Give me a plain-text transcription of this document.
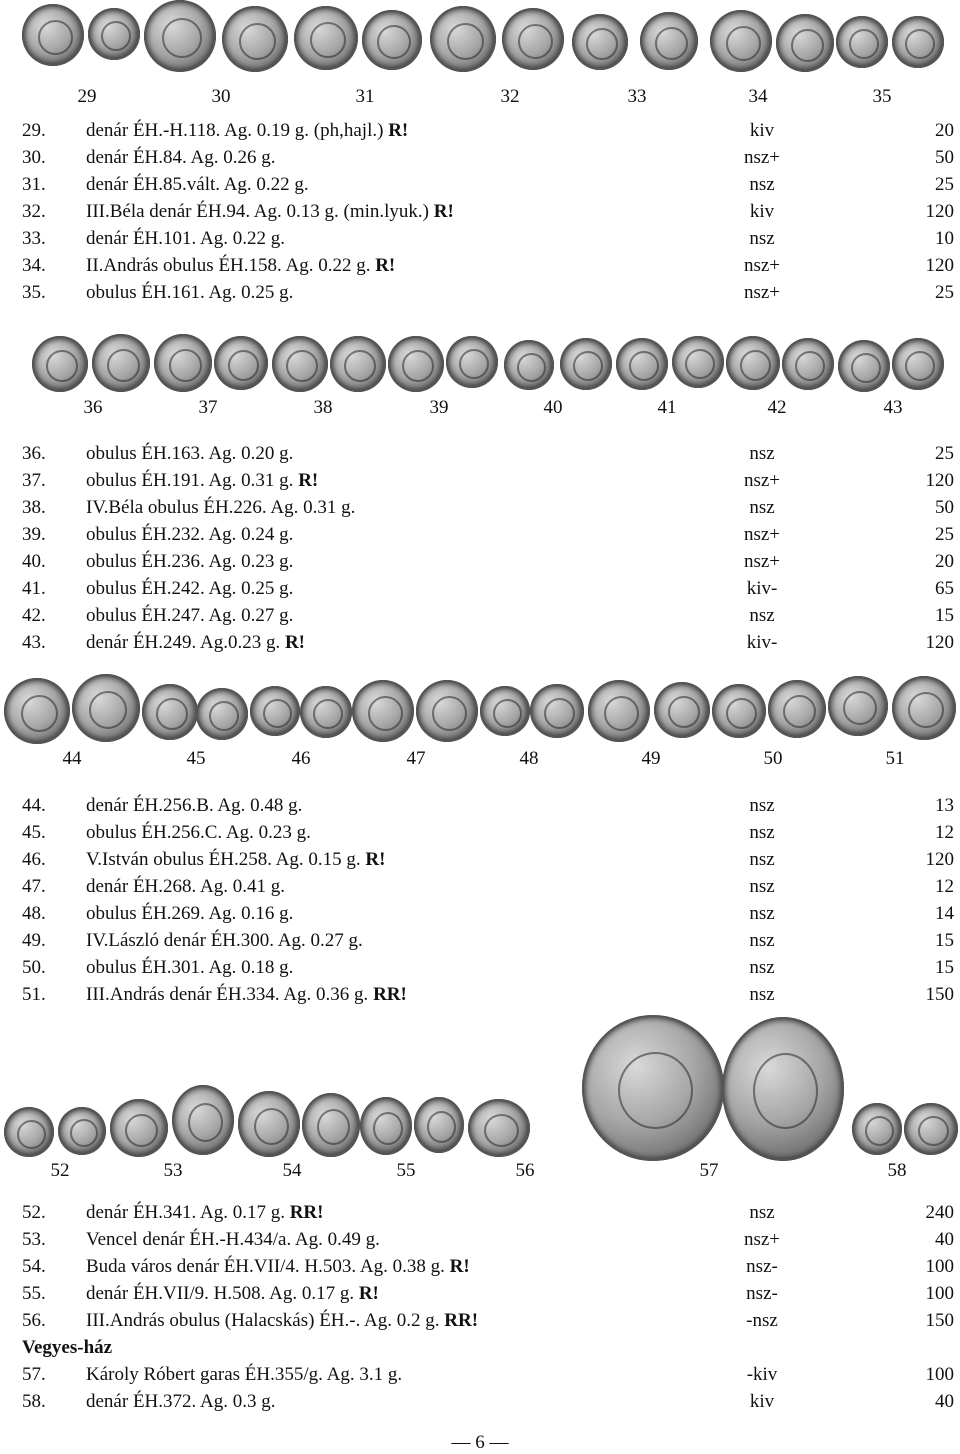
29	30	31	32	33	34	35
29. denár ÉH.-H.118. Ag. 0.19 g. (ph,hajl.) R!	kiv	20
30. denár ÉH.84. Ag. 0.26 g.	nsz+	50
31. denár ÉH.85.vált. Ag. 0.22 g.	nsz	25
32. III.Béla denár ÉH.94. Ag. 0.13 g. (min.lyuk.) R!	kiv	120
33. denár ÉH.101. Ag. 0.22 g.	nsz	10
34. II.András obulus ÉH.158. Ag. 0.22 g. R!	nsz+	120
35. obulus ÉH.161. Ag. 0.25 g.	nsz+	25
36	37	38	39	40	41	42	43
36. obulus ÉH.163. Ag. 0.20 g.	nsz	25
37. obulus ÉH.191. Ag. 0.31 g. R!	nsz+	120
38. IV.Béla obulus ÉH.226. Ag. 0.31 g.	nsz	50
39. obulus ÉH.232. Ag. 0.24 g.	nsz+	25
40. obulus ÉH.236. Ag. 0.23 g.	nsz+	20
41. obulus ÉH.242. Ag. 0.25 g.	kiv-	65
42. obulus ÉH.247. Ag. 0.27 g.	nsz	15
43. denár ÉH.249. Ag.0.23 g. R!	kiv-	120
44	45	46	47	48	49	50	51
44. denár ÉH.256.B. Ag. 0.48 g.	nsz	13
45. obulus ÉH.256.C. Ag. 0.23 g.	nsz	12
46. V.István obulus ÉH.258. Ag. 0.15 g. R!	nsz	120
47. denár ÉH.268. Ag. 0.41 g.	nsz	12
48. obulus ÉH.269. Ag. 0.16 g.	nsz	14
49. IV.László denár ÉH.300. Ag. 0.27 g.	nsz	15
50. obulus ÉH.301. Ag. 0.18 g.	nsz	15
51. III.András denár ÉH.334. Ag. 0.36 g. RR!	nsz	150
52	53	54	55	56	57	58
52. denár ÉH.341. Ag. 0.17 g. RR!	nsz	240
53. Vencel denár ÉH.-H.434/a. Ag. 0.49 g.	nsz+	40
54. Buda város denár ÉH.VII/4. H.503. Ag. 0.38 g. R!	nsz-	100
55. denár ÉH.VII/9. H.508. Ag. 0.17 g. R!	nsz-	100
56. III.András obulus (Halacskás) ÉH.-. Ag. 0.2 g. RR!	-nsz	150
Vegyes-ház
57. Károly Róbert garas ÉH.355/g. Ag. 3.1 g.	-kiv	100
58. denár ÉH.372. Ag. 0.3 g.	kiv	40
— 6 —
